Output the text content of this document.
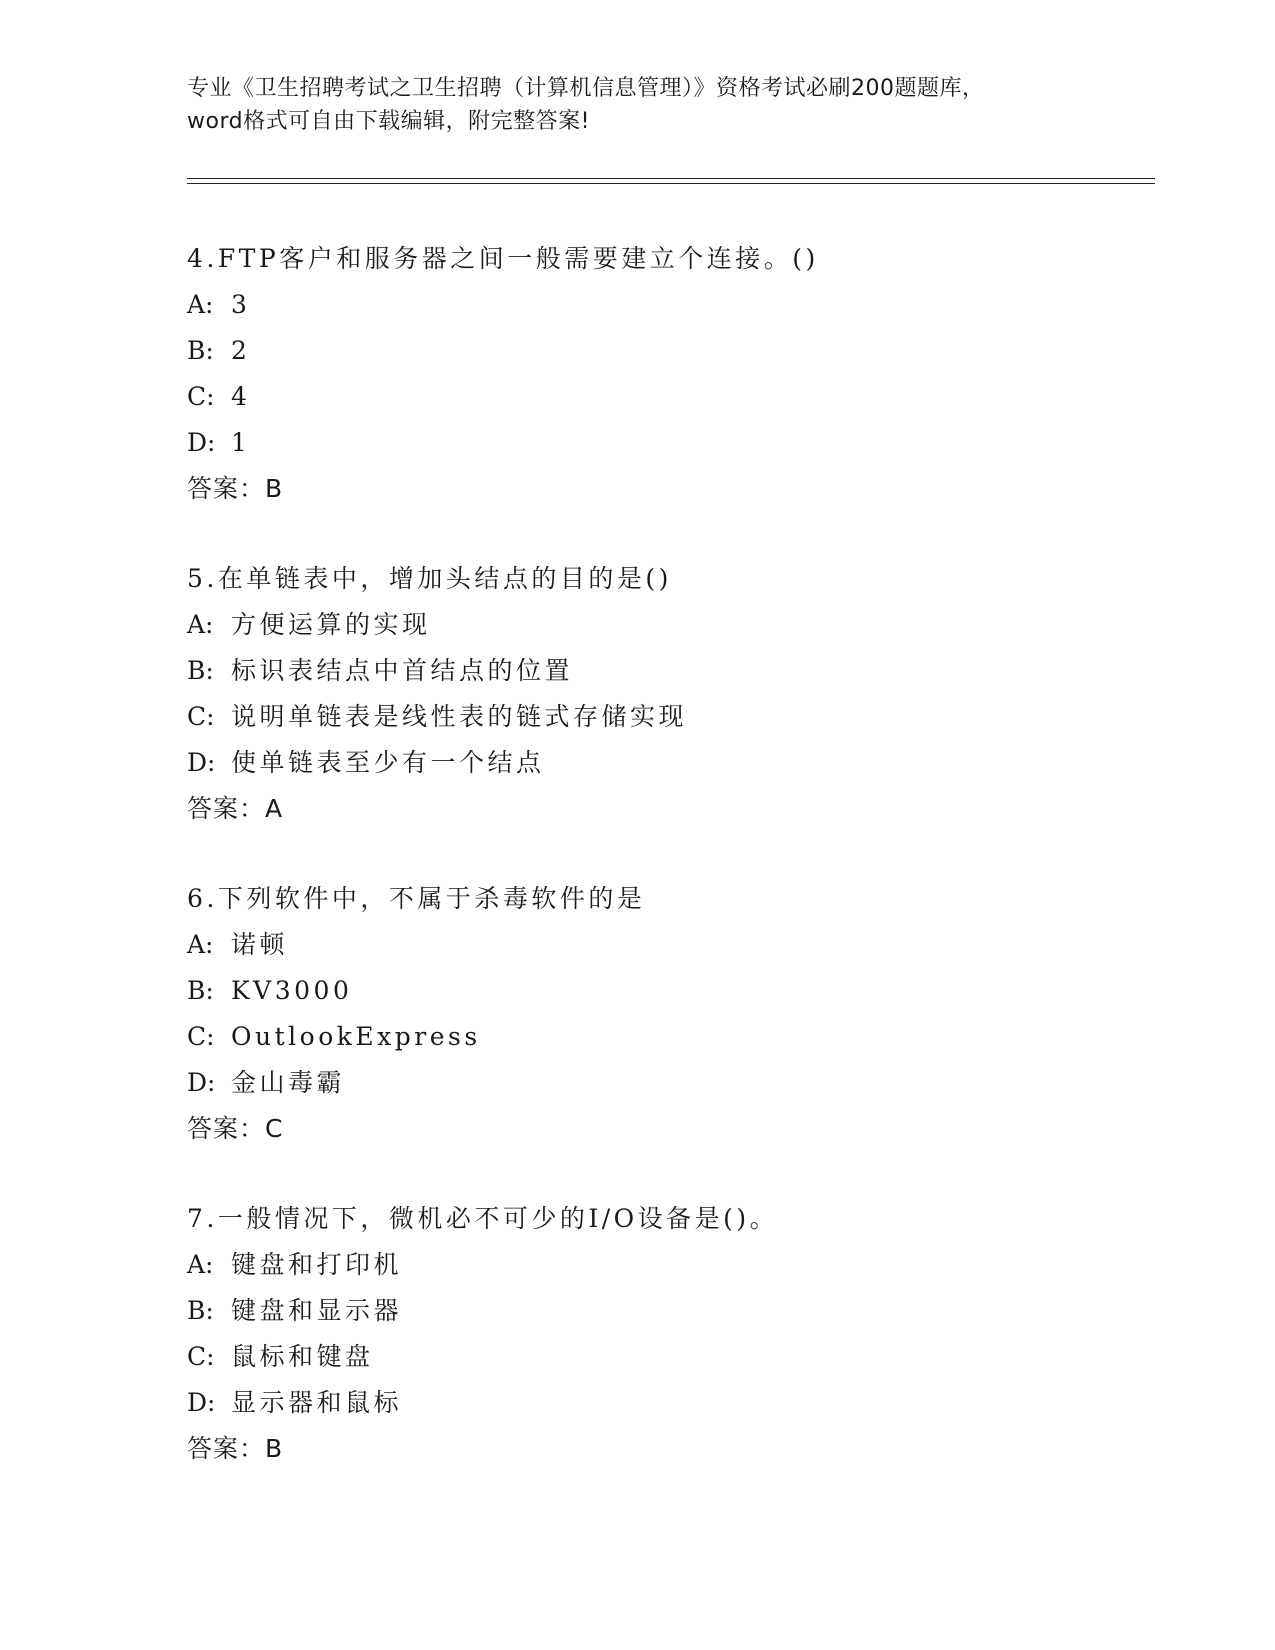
专业《卫生招聘考试之卫生招聘（计算机信息管理）》资格考试必刷200题题库，
word格式可自由下载编辑，附完整答案!
4.FTP客户和服务器之间一般需要建立个连接。()
A: 3
B: 2
C: 4
D: 1
答案：B
5.在单链表中，增加头结点的目的是()
A: 方便运算的实现
B: 标识表结点中首结点的位置
C: 说明单链表是线性表的链式存储实现
D: 使单链表至少有一个结点
答案：A
6.下列软件中，不属于杀毒软件的是
A: 诺顿
B: KV3000
C: OutlookExpress
D: 金山毒霸
答案：C
7.一般情况下，微机必不可少的I/O设备是()。
A: 键盘和打印机
B: 键盘和显示器
C: 鼠标和键盘
D: 显示器和鼠标
答案：B
